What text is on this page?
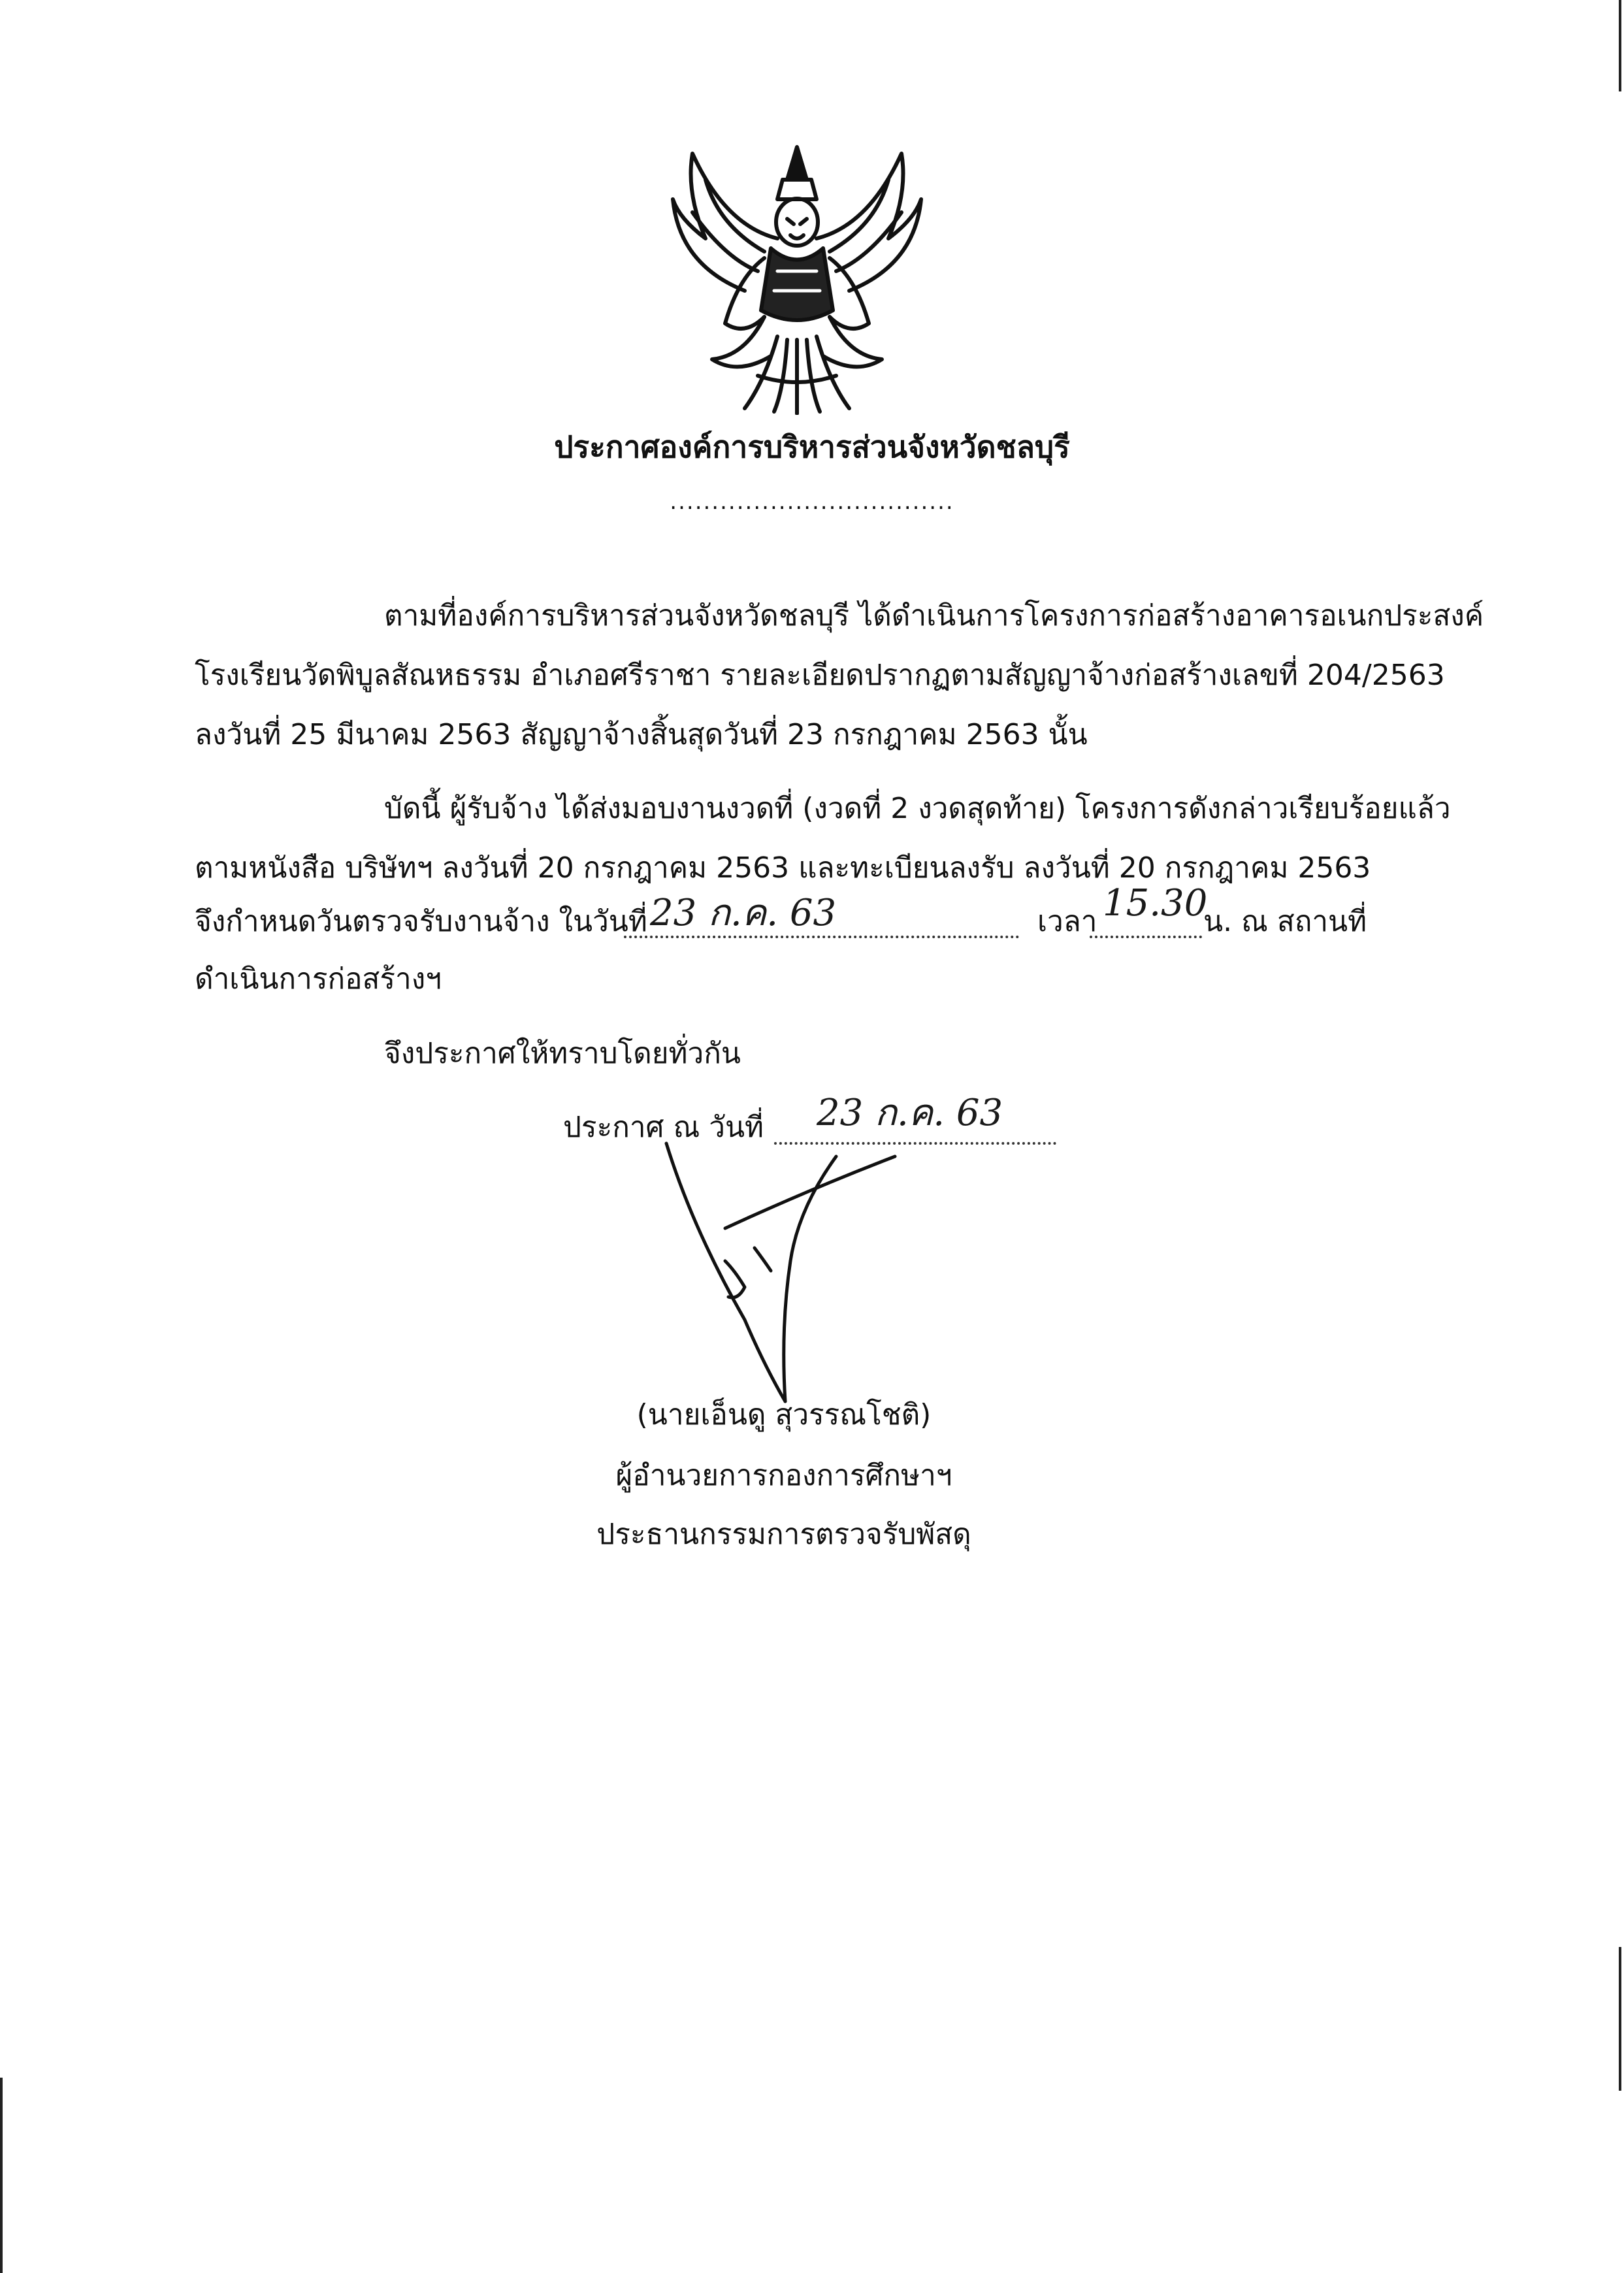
ประกาศองค์การบริหารส่วนจังหวัดชลบุรี
..................................
ตามที่องค์การบริหารส่วนจังหวัดชลบุรี ได้ดำเนินการโครงการก่อสร้างอาคารอเนกประสงค์
โรงเรียนวัดพิบูลสัณหธรรม อำเภอศรีราชา รายละเอียดปรากฏตามสัญญาจ้างก่อสร้างเลขที่ 204/2563
ลงวันที่ 25 มีนาคม 2563 สัญญาจ้างสิ้นสุดวันที่ 23 กรกฎาคม 2563 นั้น
บัดนี้ ผู้รับจ้าง ได้ส่งมอบงานงวดที่ (งวดที่ 2 งวดสุดท้าย) โครงการดังกล่าวเรียบร้อยแล้ว
ตามหนังสือ บริษัทฯ ลงวันที่ 20 กรกฎาคม 2563 และทะเบียนลงรับ ลงวันที่ 20 กรกฎาคม 2563
จึงกำหนดวันตรวจรับงานจ้าง ในวันที่ 23 ก.ค. 63	เวลา 15.30
น. ณ สถานที่
ดำเนินการก่อสร้างฯ
จึงประกาศให้ทราบโดยทั่วกัน
ประกาศ ณ วันที่ 23 ก.ค. 63
(นายเอ็นดู สุวรรณโชติ)
ผู้อำนวยการกองการศึกษาฯ
ประธานกรรมการตรวจรับพัสดุ
